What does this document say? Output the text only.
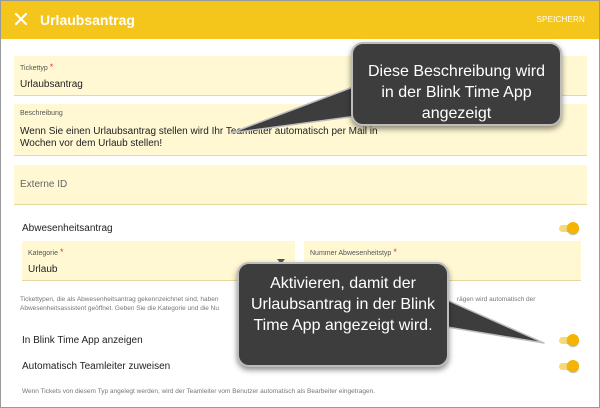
Urlaubsantrag	SPEICHERN
Tickettyp *
Urlaubsantrag
Beschreibung
Wenn Sie einen Urlaubsantrag stellen wird Ihr Teamleiter automatisch per Mail in
Wochen vor dem Urlaub stellen!
Externe ID
Abwesenheitsantrag
Kategorie *
Urlaub
Nummer Abwesenheitstyp *
Tickettypen, die als Abwesenheitsantrag gekennzeichnet sind, haben	rägen wird automatisch der
Abwesenheitsassistent geöffnet. Geben Sie die Kategorie und die Nu
In Blink Time App anzeigen
Automatisch Teamleiter zuweisen
Wenn Tickets von diesem Typ angelegt werden, wird der Teamleiter vom Benutzer automatisch als Bearbeiter eingetragen.
Diese Beschreibung wird in der Blink Time App angezeigt
Aktivieren, damit der Urlaubsantrag in der Blink Time App angezeigt wird.
